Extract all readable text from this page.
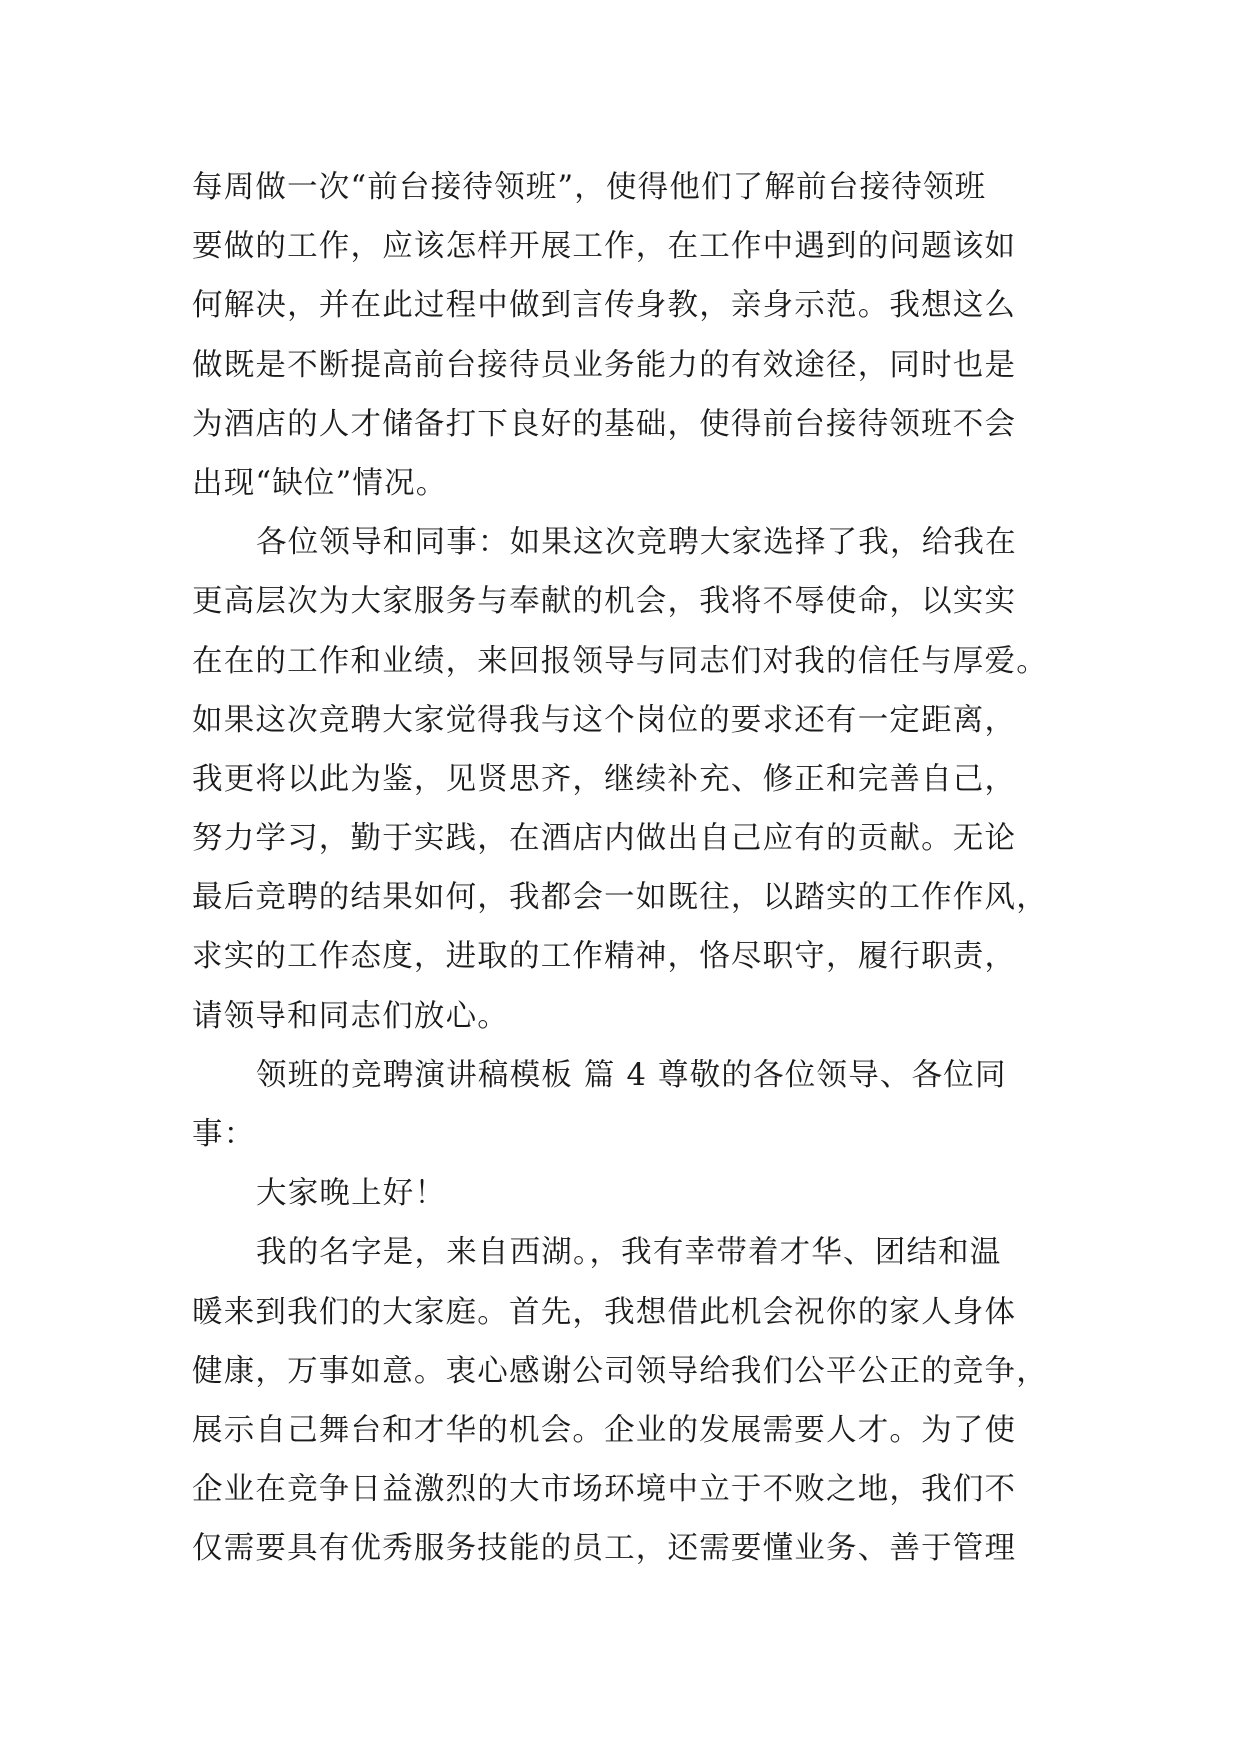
每周做一次“前台接待领班”，使得他们了解前台接待领班
要做的工作，应该怎样开展工作，在工作中遇到的问题该如
何解决，并在此过程中做到言传身教，亲身示范。我想这么
做既是不断提高前台接待员业务能力的有效途径，同时也是
为酒店的人才储备打下良好的基础，使得前台接待领班不会
出现“缺位”情况。
各位领导和同事：如果这次竞聘大家选择了我，给我在
更高层次为大家服务与奉献的机会，我将不辱使命，以实实
在在的工作和业绩，来回报领导与同志们对我的信任与厚爱。
如果这次竞聘大家觉得我与这个岗位的要求还有一定距离，
我更将以此为鉴，见贤思齐，继续补充、修正和完善自己，
努力学习，勤于实践，在酒店内做出自己应有的贡献。无论
最后竞聘的结果如何，我都会一如既往，以踏实的工作作风，
求实的工作态度，进取的工作精神，恪尽职守，履行职责，
请领导和同志们放心。
领班的竞聘演讲稿模板 篇 4 尊敬的各位领导、各位同
事：
大家晚上好！
我的名字是，来自西湖。，我有幸带着才华、团结和温
暖来到我们的大家庭。首先，我想借此机会祝你的家人身体
健康，万事如意。衷心感谢公司领导给我们公平公正的竞争，
展示自己舞台和才华的机会。企业的发展需要人才。为了使
企业在竞争日益激烈的大市场环境中立于不败之地，我们不
仅需要具有优秀服务技能的员工，还需要懂业务、善于管理
